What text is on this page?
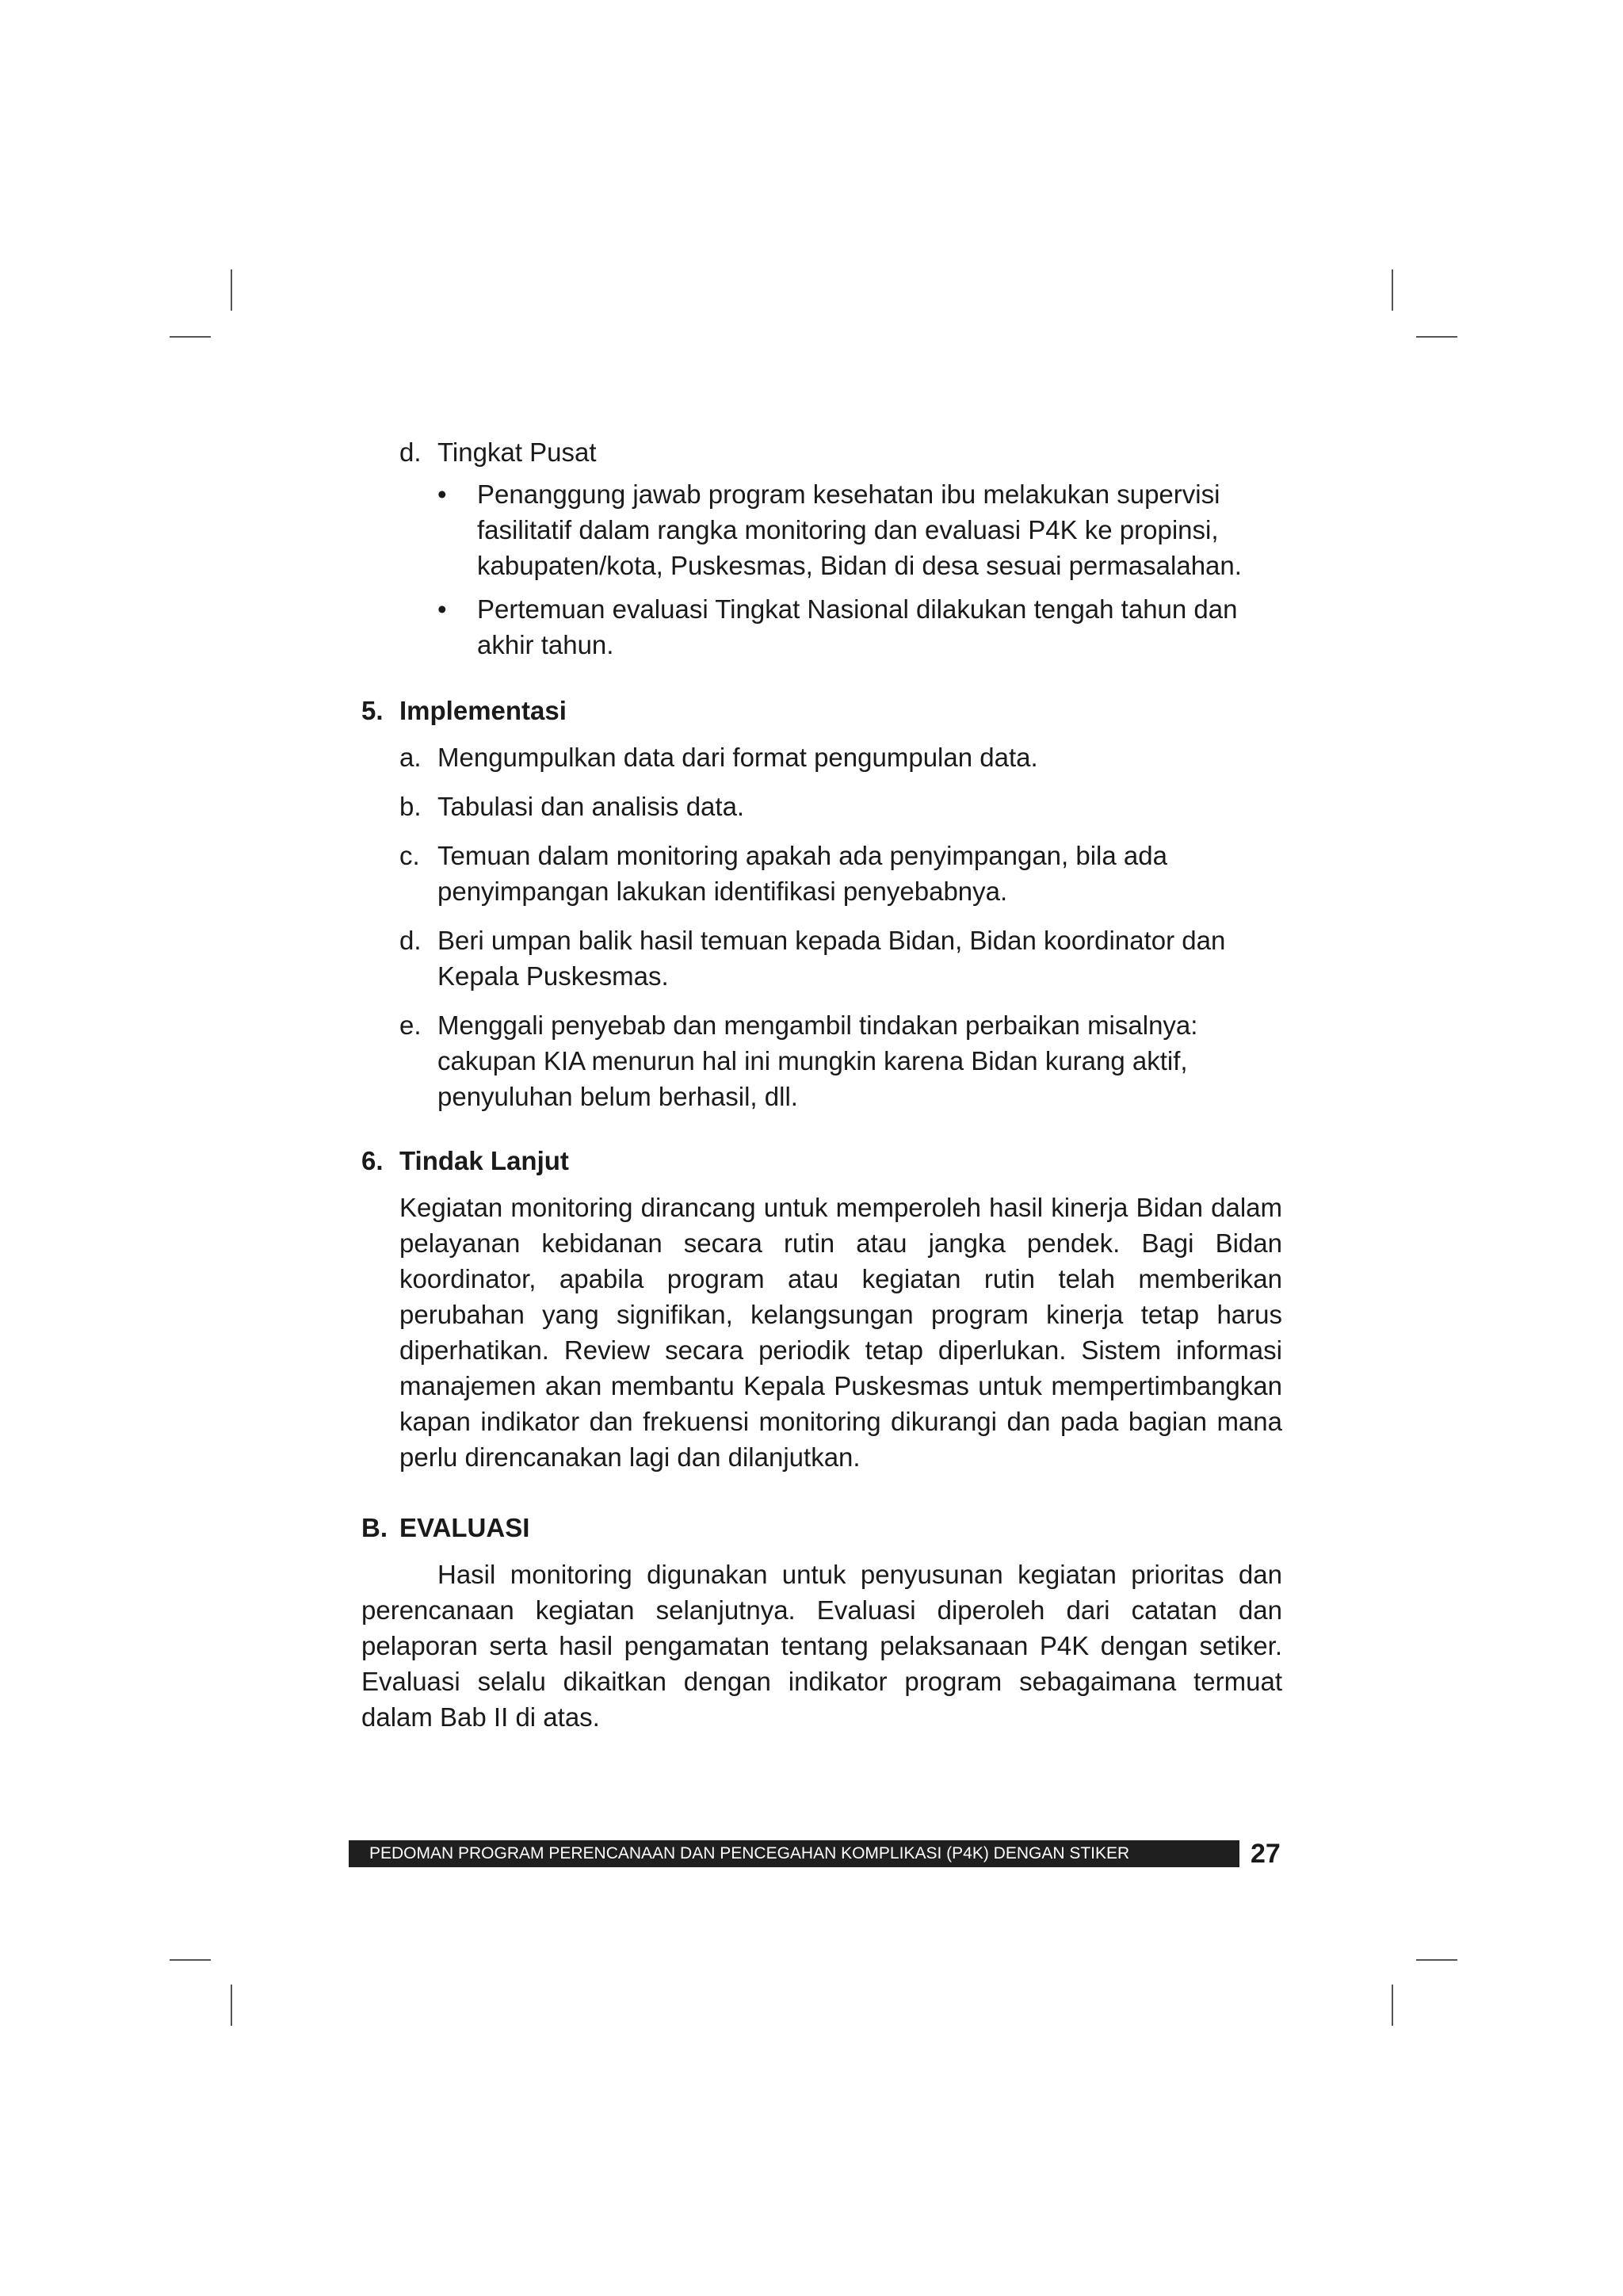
d. Tingkat Pusat
• Penanggung jawab program kesehatan ibu melakukan supervisi fasilitatif dalam rangka monitoring dan evaluasi P4K ke propinsi, kabupaten/kota, Puskesmas, Bidan di desa sesuai permasalahan.
• Pertemuan evaluasi Tingkat Nasional dilakukan tengah tahun dan akhir tahun.
5. Implementasi
a. Mengumpulkan data dari format pengumpulan data.
b. Tabulasi dan analisis data.
c. Temuan dalam monitoring apakah ada penyimpangan, bila ada penyimpangan lakukan identifikasi penyebabnya.
d. Beri umpan balik hasil temuan kepada Bidan, Bidan koordinator dan Kepala Puskesmas.
e. Menggali penyebab dan mengambil tindakan perbaikan misalnya: cakupan KIA menurun hal ini mungkin karena Bidan kurang aktif, penyuluhan belum berhasil, dll.
6. Tindak Lanjut

Kegiatan monitoring dirancang untuk memperoleh hasil kinerja Bidan dalam pelayanan kebidanan secara rutin atau jangka pendek. Bagi Bidan koordinator, apabila program atau kegiatan rutin telah memberikan perubahan yang signifikan, kelangsungan program kinerja tetap harus diperhatikan. Review secara periodik tetap diperlukan. Sistem informasi manajemen akan membantu Kepala Puskesmas untuk mempertimbangkan kapan indikator dan frekuensi monitoring dikurangi dan pada bagian mana perlu direncanakan lagi dan dilanjutkan.

B. EVALUASI

Hasil monitoring digunakan untuk penyusunan kegiatan prioritas dan perencanaan kegiatan selanjutnya. Evaluasi diperoleh dari catatan dan pelaporan serta hasil pengamatan tentang pelaksanaan P4K dengan setiker. Evaluasi selalu dikaitkan dengan indikator program sebagaimana termuat dalam Bab II di atas.

PEDOMAN PROGRAM PERENCANAAN DAN PENCEGAHAN KOMPLIKASI (P4K) DENGAN STIKER	27
